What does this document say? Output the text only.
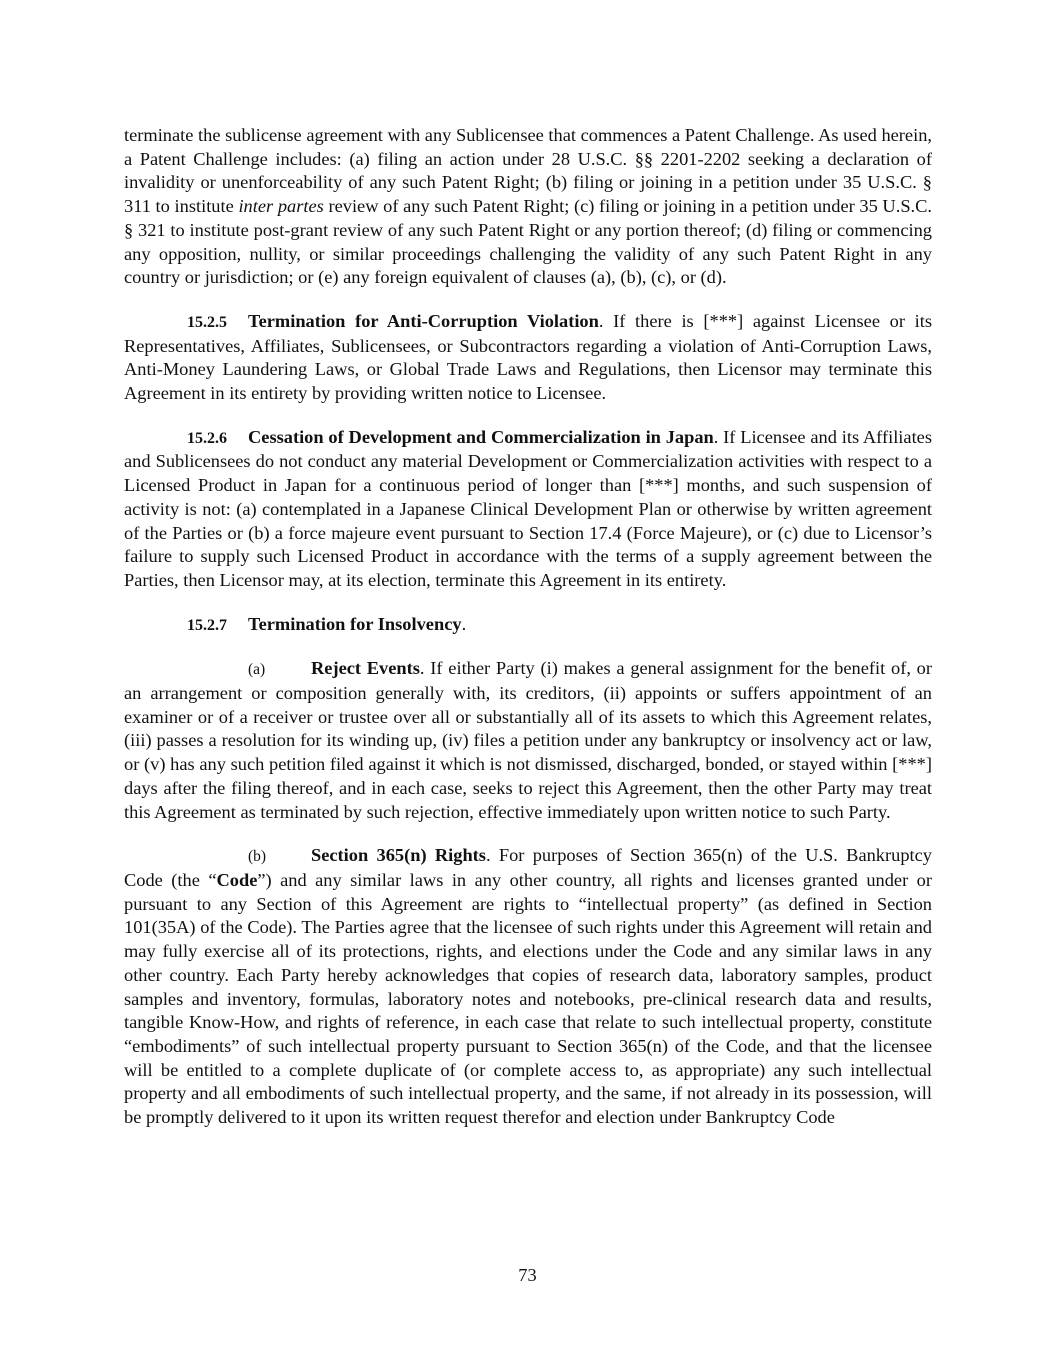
terminate the sublicense agreement with any Sublicensee that commences a Patent Challenge. As used herein, a Patent Challenge includes: (a) filing an action under 28 U.S.C. §§ 2201-2202 seeking a declaration of invalidity or unenforceability of any such Patent Right; (b) filing or joining in a petition under 35 U.S.C. § 311 to institute inter partes review of any such Patent Right; (c) filing or joining in a petition under 35 U.S.C. § 321 to institute post-grant review of any such Patent Right or any portion thereof; (d) filing or commencing any opposition, nullity, or similar proceedings challenging the validity of any such Patent Right in any country or jurisdiction; or (e) any foreign equivalent of clauses (a), (b), (c), or (d).

15.2.5 Termination for Anti-Corruption Violation. If there is [***] against Licensee or its Representatives, Affiliates, Sublicensees, or Subcontractors regarding a violation of Anti-Corruption Laws, Anti-Money Laundering Laws, or Global Trade Laws and Regulations, then Licensor may terminate this Agreement in its entirety by providing written notice to Licensee.

15.2.6 Cessation of Development and Commercialization in Japan. If Licensee and its Affiliates and Sublicensees do not conduct any material Development or Commercialization activities with respect to a Licensed Product in Japan for a continuous period of longer than [***] months, and such suspension of activity is not: (a) contemplated in a Japanese Clinical Development Plan or otherwise by written agreement of the Parties or (b) a force majeure event pursuant to Section 17.4 (Force Majeure), or (c) due to Licensor’s failure to supply such Licensed Product in accordance with the terms of a supply agreement between the Parties, then Licensor may, at its election, terminate this Agreement in its entirety.

15.2.7 Termination for Insolvency.

(a) Reject Events. If either Party (i) makes a general assignment for the benefit of, or an arrangement or composition generally with, its creditors, (ii) appoints or suffers appointment of an examiner or of a receiver or trustee over all or substantially all of its assets to which this Agreement relates, (iii) passes a resolution for its winding up, (iv) files a petition under any bankruptcy or insolvency act or law, or (v) has any such petition filed against it which is not dismissed, discharged, bonded, or stayed within [***] days after the filing thereof, and in each case, seeks to reject this Agreement, then the other Party may treat this Agreement as terminated by such rejection, effective immediately upon written notice to such Party.

(b) Section 365(n) Rights. For purposes of Section 365(n) of the U.S. Bankruptcy Code (the “Code”) and any similar laws in any other country, all rights and licenses granted under or pursuant to any Section of this Agreement are rights to “intellectual property” (as defined in Section 101(35A) of the Code). The Parties agree that the licensee of such rights under this Agreement will retain and may fully exercise all of its protections, rights, and elections under the Code and any similar laws in any other country. Each Party hereby acknowledges that copies of research data, laboratory samples, product samples and inventory, formulas, laboratory notes and notebooks, pre-clinical research data and results, tangible Know-How, and rights of reference, in each case that relate to such intellectual property, constitute “embodiments” of such intellectual property pursuant to Section 365(n) of the Code, and that the licensee will be entitled to a complete duplicate of (or complete access to, as appropriate) any such intellectual property and all embodiments of such intellectual property, and the same, if not already in its possession, will be promptly delivered to it upon its written request therefor and election under Bankruptcy Code

73
